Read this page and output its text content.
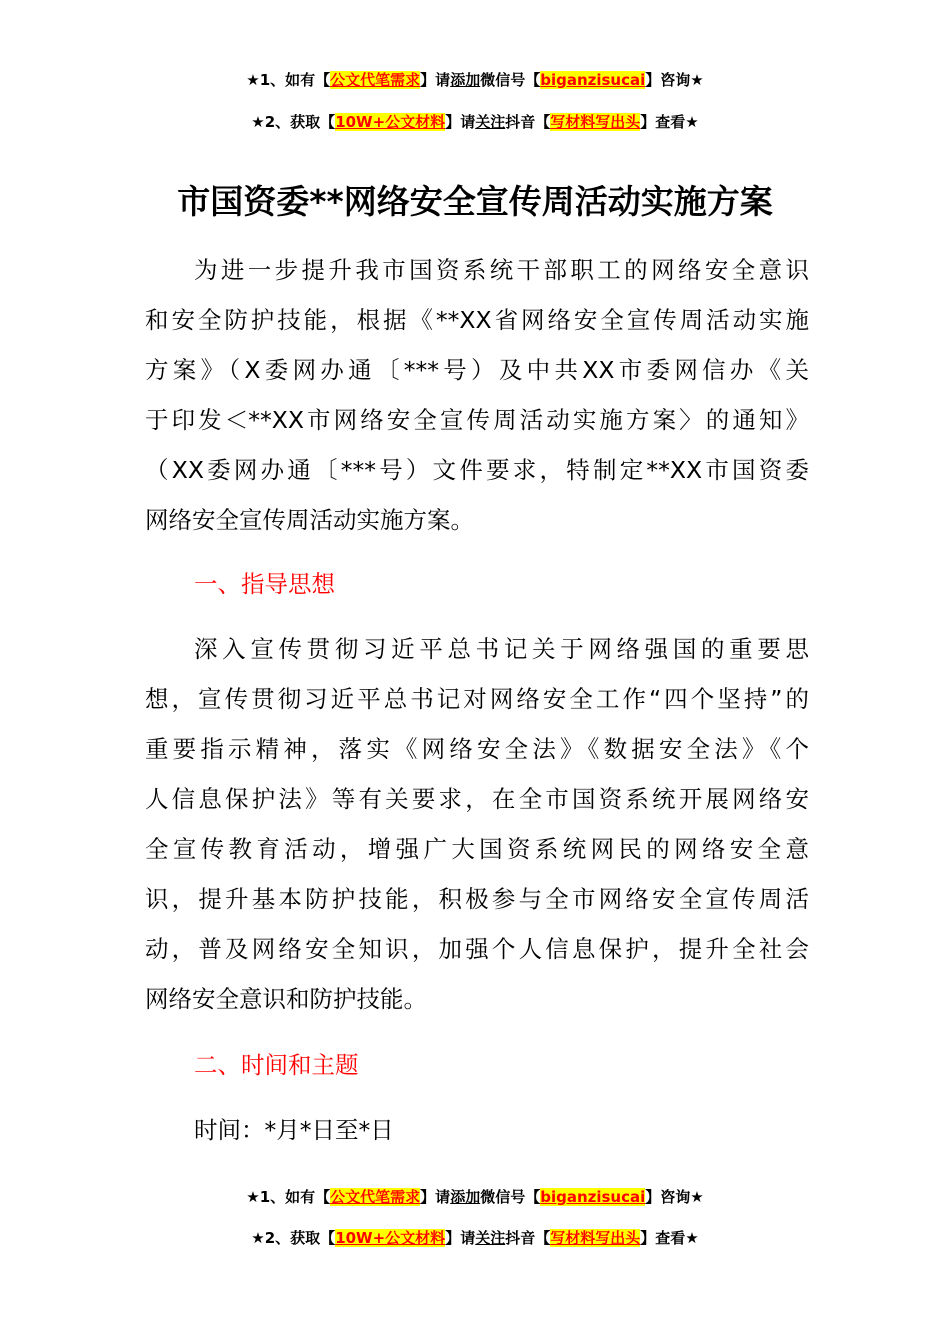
★1、如有【公文代笔需求】请添加微信号【biganzisucai】咨询★
★2、获取【10W+公文材料】请关注抖音【写材料写出头】查看★
市国资委**网络安全宣传周活动实施方案
为进一步提升我市国资系统干部职工的网络安全意识
和安全防护技能，根据《**XX省网络安全宣传周活动实施
方案》（X委网办通〔***号）及中共XX市委网信办《关
于印发＜**XX市网络安全宣传周活动实施方案〉的通知》
（XX委网办通〔***号）文件要求，特制定**XX市国资委
网络安全宣传周活动实施方案。
一、指导思想
深入宣传贯彻习近平总书记关于网络强国的重要思
想，宣传贯彻习近平总书记对网络安全工作“四个坚持”的
重要指示精神，落实《网络安全法》《数据安全法》《个
人信息保护法》等有关要求，在全市国资系统开展网络安
全宣传教育活动，增强广大国资系统网民的网络安全意
识，提升基本防护技能，积极参与全市网络安全宣传周活
动，普及网络安全知识，加强个人信息保护，提升全社会
网络安全意识和防护技能。
二、时间和主题
时间：*月*日至*日
★1、如有【公文代笔需求】请添加微信号【biganzisucai】咨询★
★2、获取【10W+公文材料】请关注抖音【写材料写出头】查看★
